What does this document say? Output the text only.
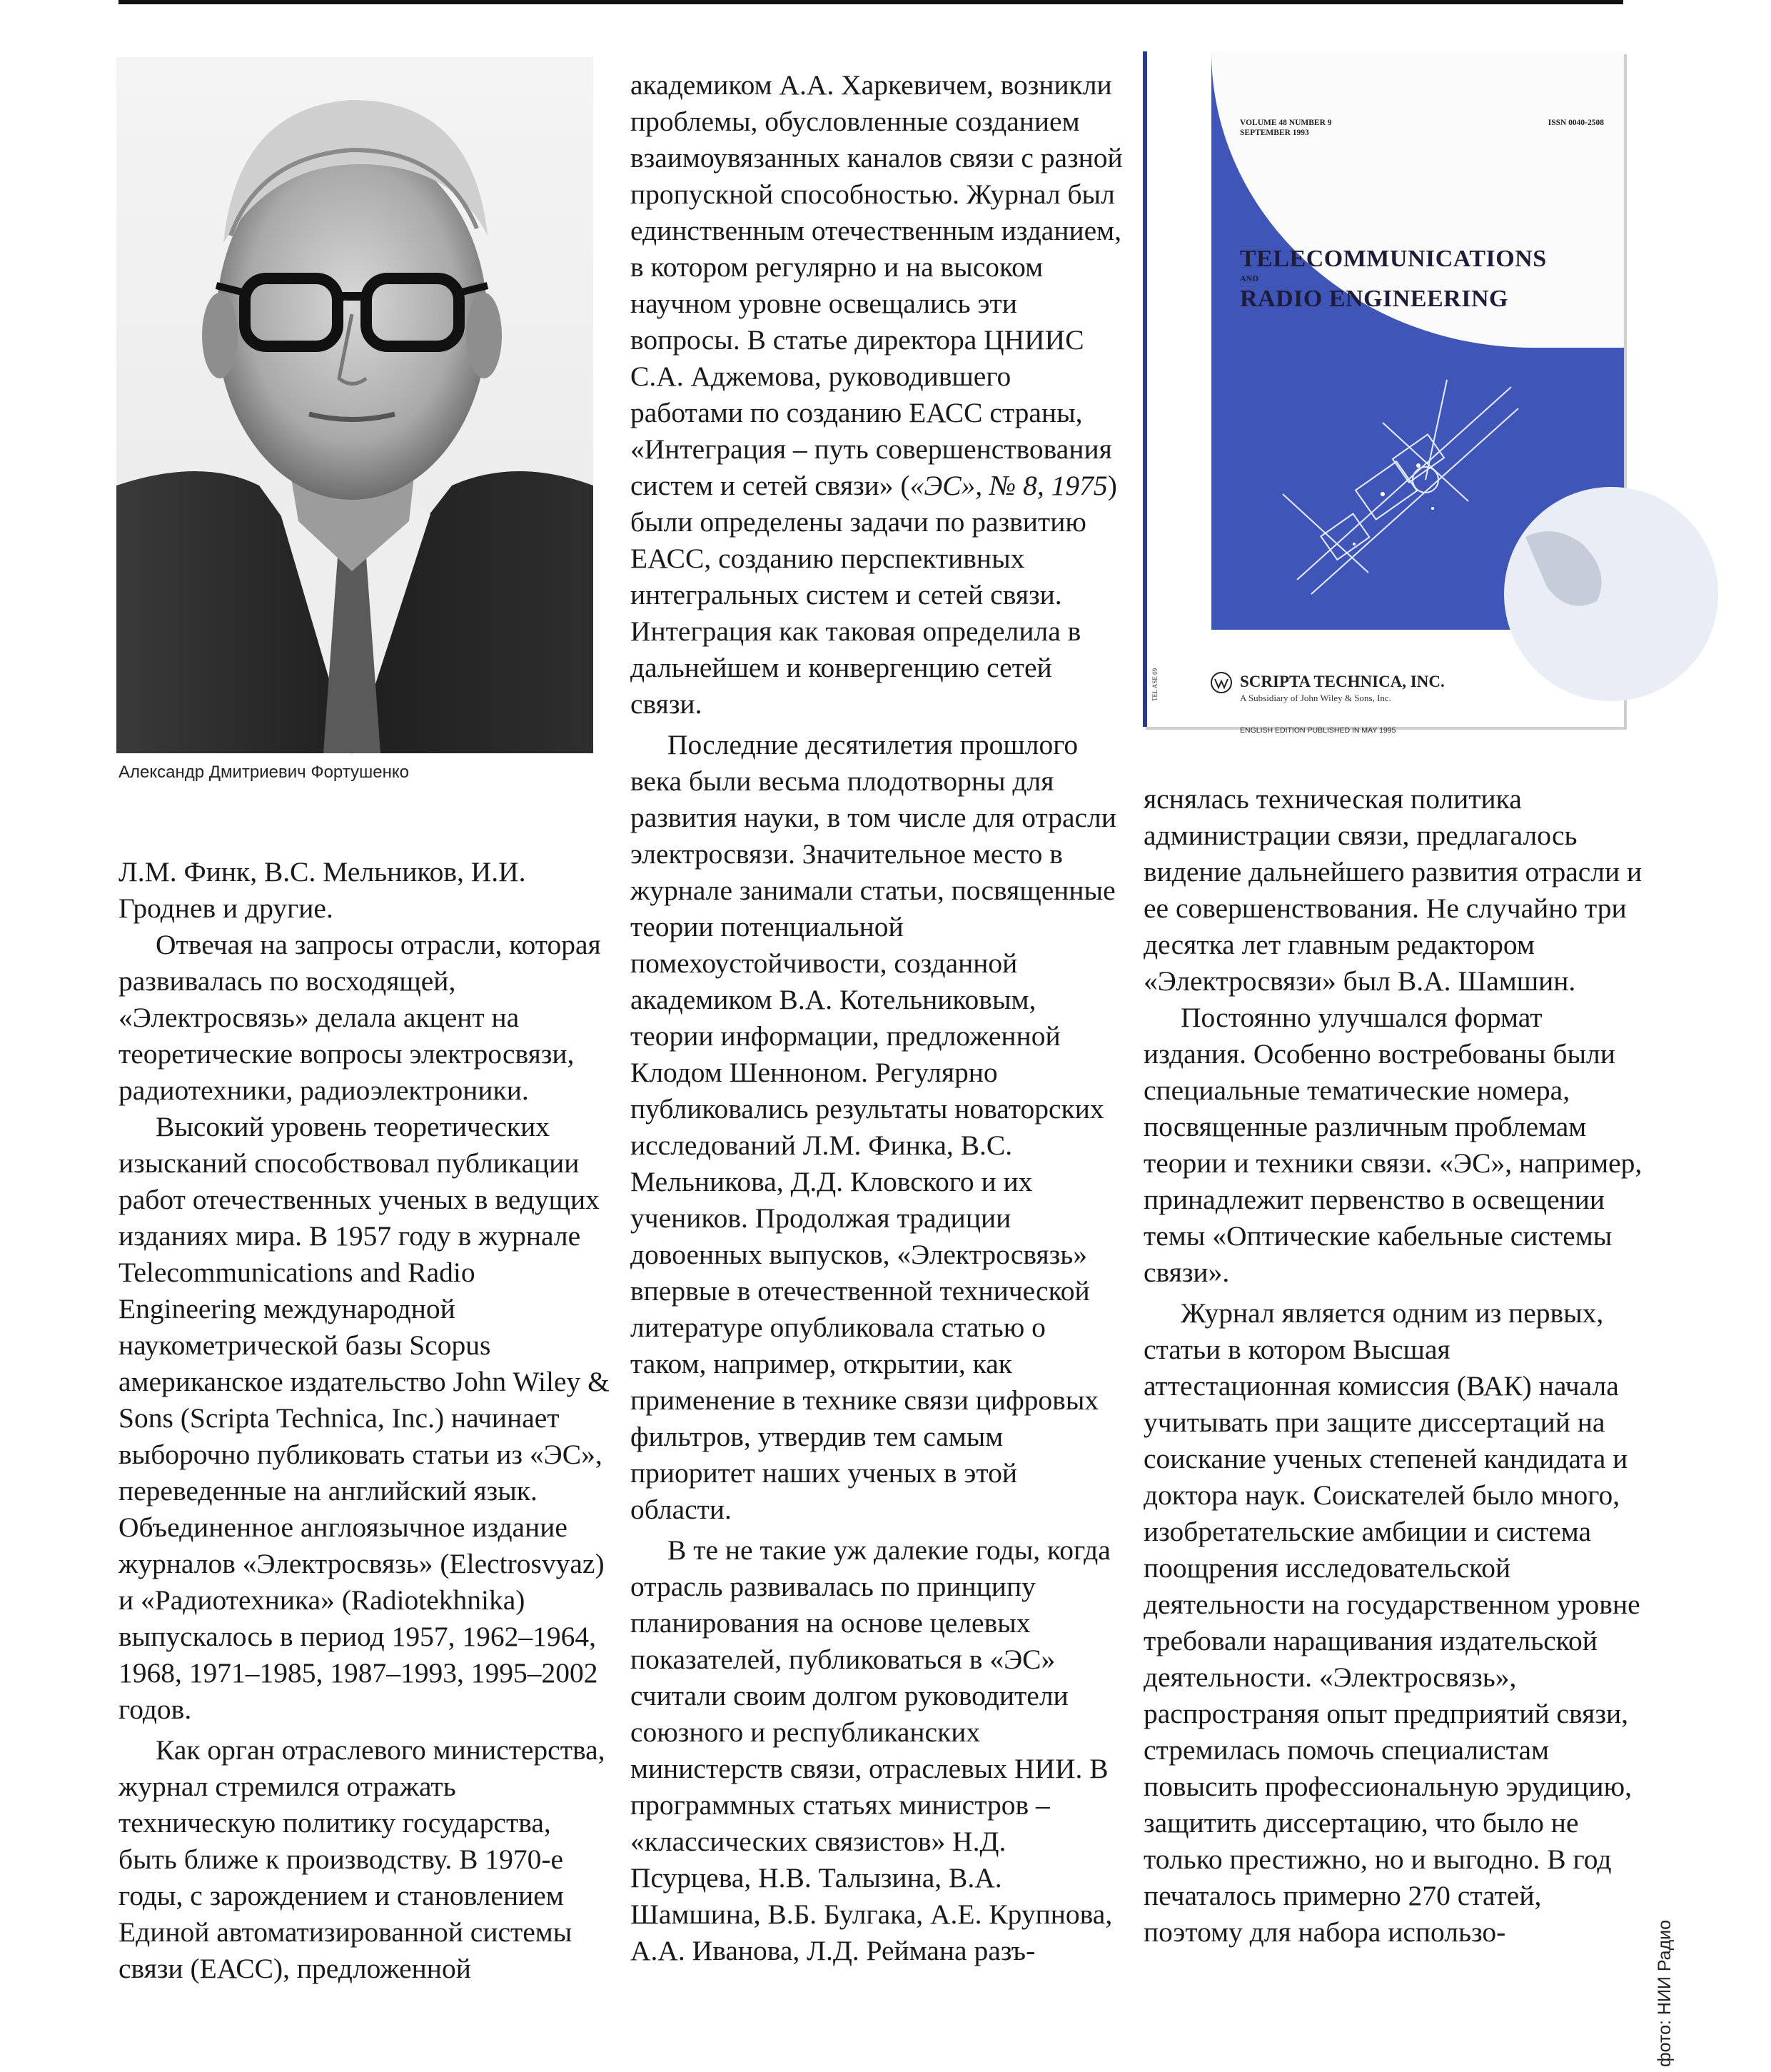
Александр Дмитриевич Фортушенко
VOLUME 48 NUMBER 9
SEPTEMBER 1993
ISSN 0040-2508
TELECOMMUNICATIONS
AND
RADIO ENGINEERING
SCRIPTA TECHNICA, INC.
A Subsidiary of John Wiley & Sons, Inc.
ENGLISH EDITION PUBLISHED IN MAY 1995
TEL ASE 09

Л.М. Финк, В.С. Мельников, И.И. Гроднев и другие.

Отвечая на запросы отрасли, которая развивалась по восходящей, «Электросвязь» делала акцент на теоретические вопросы электросвязи, радиотехники, радиоэлектроники.

Высокий уровень теоретических изысканий способствовал публикации работ отечественных ученых в ведущих изданиях мира. В 1957 году в журнале Telecommunications and Radio Engineering международной наукометрической базы Scopus американское издательство John Wiley & Sons (Scripta Technica, Inc.) начинает выборочно публиковать статьи из «ЭС», переведенные на английский язык. Объединенное англоязычное издание журналов «Электросвязь» (Electrosvyaz) и «Радиотехника» (Radiotekhnika) выпускалось в период 1957, 1962–1964, 1968, 1971–1985, 1987–1993, 1995–2002 годов.

Как орган отраслевого министерства, журнал стремился отражать техническую политику государства, быть ближе к производству. В 1970-е годы, с зарождением и становлением Единой автоматизированной системы связи (ЕАСС), предложенной

академиком А.А. Харкевичем, возникли проблемы, обусловленные созданием взаимоувязанных каналов связи с разной пропускной способностью. Журнал был единственным отечественным изданием, в котором регулярно и на высоком научном уровне освещались эти вопросы. В статье директора ЦНИИС С.А. Аджемова, руководившего работами по созданию ЕАСС страны, «Интеграция – путь совершенствования систем и сетей связи» («ЭС», № 8, 1975) были определены задачи по развитию ЕАСС, созданию перспективных интегральных систем и сетей связи. Интеграция как таковая определила в дальнейшем и конвергенцию сетей связи.

Последние десятилетия прошлого века были весьма плодотворны для развития науки, в том числе для отрасли электросвязи. Значительное место в журнале занимали статьи, посвященные теории потенциальной помехоустойчивости, созданной академиком В.А. Котельниковым, теории информации, предложенной Клодом Шенноном. Регулярно публиковались результаты новаторских исследований Л.М. Финка, В.С. Мельникова, Д.Д. Кловского и их учеников. Продолжая традиции довоенных выпусков, «Электросвязь» впервые в отечественной технической литературе опубликовала статью о таком, например, открытии, как применение в технике связи цифровых фильтров, утвердив тем самым приоритет наших ученых в этой области.

В те не такие уж далекие годы, когда отрасль развивалась по принципу планирования на основе целевых показателей, публиковаться в «ЭС» считали своим долгом руководители союзного и республиканских министерств связи, отраслевых НИИ. В программных статьях министров – «классических связистов» Н.Д. Псурцева, Н.В. Талызина, В.А. Шамшина, В.Б. Булгака, А.Е. Крупнова, А.А. Иванова, Л.Д. Реймана разъ-

яснялась техническая политика администрации связи, предлагалось видение дальнейшего развития отрасли и ее совершенствования. Не случайно три десятка лет главным редактором «Электросвязи» был В.А. Шамшин.

Постоянно улучшался формат издания. Особенно востребованы были специальные тематические номера, посвященные различным проблемам теории и техники связи. «ЭС», например, принадлежит первенство в освещении темы «Оптические кабельные системы связи».

Журнал является одним из первых, статьи в котором Высшая аттестационная комиссия (ВАК) начала учитывать при защите диссертаций на соискание ученых степеней кандидата и доктора наук. Соискателей было много, изобретательские амбиции и система поощрения исследовательской деятельности на государственном уровне требовали наращивания издательской деятельности. «Электросвязь», распространяя опыт предприятий связи, стремилась помочь специалистам повысить профессиональную эрудицию, защитить диссертацию, что было не только престижно, но и выгодно. В год печаталось примерно 270 статей, поэтому для набора использо-	фото: НИИ Радио
